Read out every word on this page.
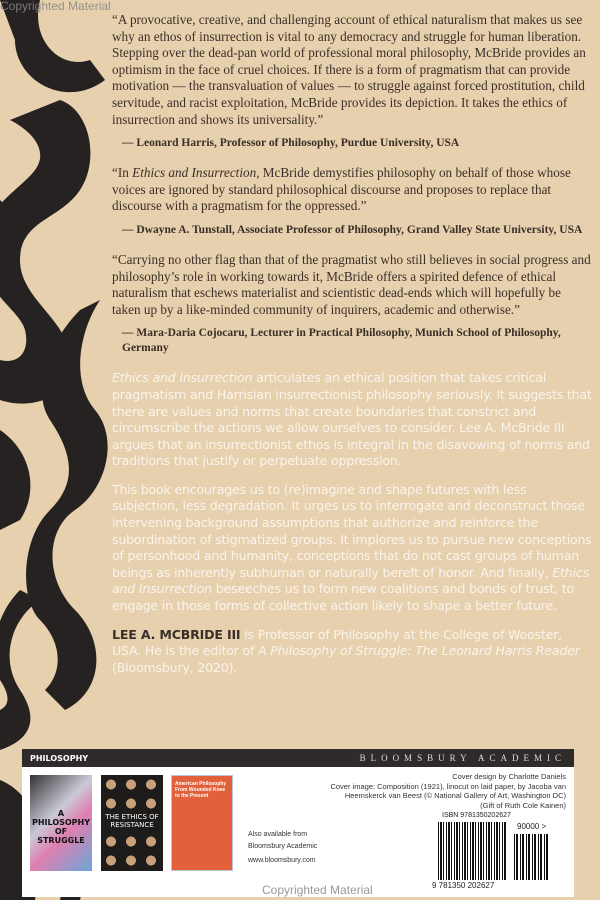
“A provocative, creative, and challenging account of ethical naturalism that makes us see why an ethos of insurrection is vital to any democracy and struggle for human liberation. Stepping over the dead-pan world of professional moral philosophy, McBride provides an optimism in the face of cruel choices. If there is a form of pragmatism that can provide motivation — the transvaluation of values — to struggle against forced prostitution, child servitude, and racist exploitation, McBride provides its depiction. It takes the ethics of insurrection and shows its universality.”

— Leonard Harris, Professor of Philosophy, Purdue University, USA

“In Ethics and Insurrection, McBride demystifies philosophy on behalf of those whose voices are ignored by standard philosophical discourse and proposes to replace that discourse with a pragmatism for the oppressed.”

— Dwayne A. Tunstall, Associate Professor of Philosophy, Grand Valley State University, USA

“Carrying no other flag than that of the pragmatist who still believes in social progress and philosophy’s role in working towards it, McBride offers a spirited defence of ethical naturalism that eschews materialist and scientistic dead-ends which will hopefully be taken up by a like-minded community of inquirers, academic and otherwise.”

— Mara-Daria Cojocaru, Lecturer in Practical Philosophy, Munich School of Philosophy, Germany

Ethics and Insurrection articulates an ethical position that takes critical pragmatism and Harrisian insurrectionist philosophy seriously. It suggests that there are values and norms that create boundaries that constrict and circumscribe the actions we allow ourselves to consider. Lee A. McBride III argues that an insurrectionist ethos is integral in the disavowing of norms and traditions that justify or perpetuate oppression.

This book encourages us to (re)imagine and shape futures with less subjection, less degradation. It urges us to interrogate and deconstruct those intervening background assumptions that authorize and reinforce the subordination of stigmatized groups. It implores us to pursue new conceptions of personhood and humanity, conceptions that do not cast groups of human beings as inherently subhuman or naturally bereft of honor. And finally, Ethics and Insurrection beseeches us to form new coalitions and bonds of trust, to engage in those forms of collective action likely to shape a better future.

LEE A. MCBRIDE III is Professor of Philosophy at the College of Wooster, USA. He is the editor of A Philosophy of Struggle: The Leonard Harris Reader (Bloomsbury, 2020).

PHILOSOPHY	BLOOMSBURY ACADEMIC
A PHILOSOPHY OF STRUGGLE
THE ETHICS OF RESISTANCE
American Philosophy From Wounded Knee to the Present
Also available from
Bloomsbury Academic
www.bloomsbury.com
Cover design by Charlotte Daniels
Cover image: Composition (1921), linocut on laid paper, by Jacoba van
Heemskerck van Beest (© National Gallery of Art, Washington DC)
(Gift of Ruth Cole Kainen)
ISBN 9781350202627
9 781350 202627
90000 >
Copyrighted Material
Copyrighted Material
